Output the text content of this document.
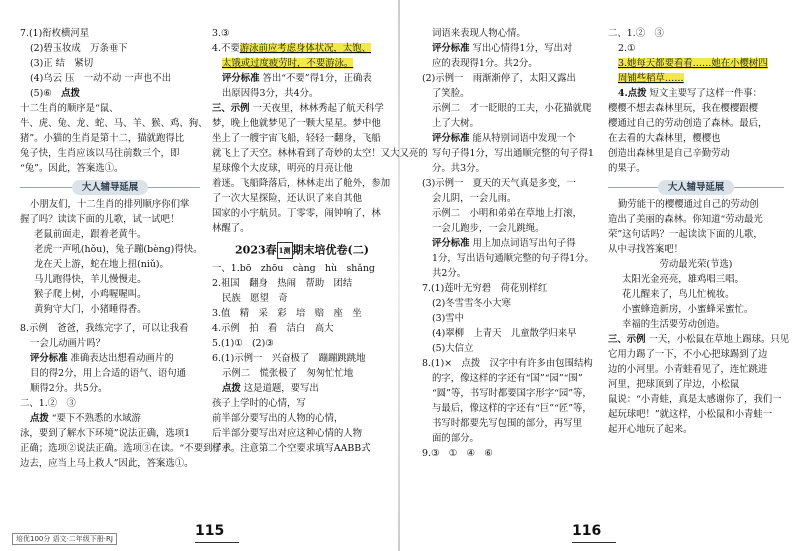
7.(1)衔枚横河星
(2)碧玉妆成　万条垂下
(3)正 结　紧切
(4)乌云 压　一动不动 一声也不出
(5)⑥　点拨
十二生肖的顺序是“鼠、
牛、虎、兔、龙、蛇、马、羊、猴、鸡、狗、
猪”。小猫的生肖是第十二，猫就跑得比
兔子快，生肖应该以马往前数三个，即
“兔”。因此，答案选①。
大人辅导延展
小朋友们，十二生肖的排列顺序你们掌
握了吗？读读下面的儿歌，试一试吧！
老鼠前面走，跟着老黄牛。
老虎一声吼(hǒu)，兔子蹦(bèng)得快。
龙在天上游，蛇在地上扭(niǔ)。
马儿跑得快，羊儿慢慢走。
猴子爬上树，小鸡喔喔叫。
黄狗守大门，小猪睡得香。
8.示例　爸爸，我练完字了，可以让我看
一会儿动画片吗？
评分标准 准确表达出想看动画片的
目的得2分，用上合适的语气、语句通
顺得2分。共5分。
二、1.②　③
点拨 “要下不熟悉的水域游
泳，要到了解水下环境”说法正确，选项1
正确；选项②说法正确。选项③在读。“不要到了水
边去，应当上马上救人”因此，答案选①。
3.③
4.不要游泳前应考虑身体状况，太饱、
太饿或过度疲劳时，不要游泳。
评分标准 答出“不要”得1分，正确表
出原因得3分，共4分。
三、示例 一天夜里，林林秀起了航天科学
梦，晚上他就梦见了一颗大星星。梦中他
坐上了一艘宇宙飞船，轻轻一翻身，飞船
就飞上了天空。林林看到了奇妙的太空！又大又亮的
星球像个大皮球，明亮的月亮让他
着迷。飞船降落后，林林走出了舱外，参加
了一次大星探险，还认识了来自其他
国家的小宇航员。丁零零，闹钟响了，林
林醒了。
2023春 1测 期末培优卷(二)
一、1.bō　zhōu　càng　hù　shǎng
2.祖国　翻身　热闹　帮助　团结
民族　愿望　奇
3.值　精　采　彩　培　赔　座　坐
4.示例　拍　看　洁白　高大
5.(1)①　(2)③
6.(1)示例一　兴奋极了　蹦蹦跳跳地
示例二　慌张极了　匆匆忙忙地
点拨 这是道题，要写出
孩子上学时的心情，写
前半部分要写出的人物的心情，
后半部分要写出对应这种心情的人物
样子。注意第二个空要求填写AABB式
115
培优100分 语文·二年级下册·RJ
词语来表现人物心情。
评分标准 写出心情得1分，写出对
应的表现得1分。共2分。
(2)示例一　雨渐渐停了，太阳又露出
了笑脸。
示例二　才一眨眼的工夫，小花猫就爬
上了大树。
评分标准 能从特别词语中发现一个
写句子得1分，写出通顺完整的句子得1
分。共3分。
(3)示例一　夏天的天气真是多变，一
会儿阴，一会儿雨。
示例二　小明和弟弟在草地上打滚，
一会儿跑步，一会儿跳绳。
评分标准 用上加点词语写出句子得
1分，写出语句通顺完整的句子得1分。
共2分。
7.(1)莲叶无穷碧　荷花别样红
(2)冬雪雪冬小大寒
(3)雪中
(4)翠柳　上青天　儿童散学归来早
(5)大信立
8.(1)×　点拨　汉字中有许多由包围结构
的字，像这样的字还有“国”“园”“围”
“圆”等，书写时都要国字形字“园”等，
与最后，像这样的字还有“巨”“匠”等，
书写时都要先写包围的部分，再写里
面的部分。
9.③　①　④　⑥
二、1.②　③
2.①
3.她每天都要看看……她在小樱树四
周铺些稻草……
4.点拨 短文主要写了这样一件事：
樱樱不想去森林里玩，我在樱樱跟樱
樱通过自己的劳动创造了森林。最后，
在去看的大森林里，樱樱也
创造出森林里是自己辛勤劳动
的果子。
大人辅导延展
勤劳能干的樱樱通过自己的劳动创
造出了美丽的森林。你知道“劳动最光
荣”这句话吗？一起读读下面的儿歌，
从中寻找答案吧！
劳动最光荣(节选)
太阳光金亮亮，雄鸡唱三唱。
花儿醒来了，鸟儿忙梳妆。
小蜜蜂造新房，小蜜蜂采蜜忙。
幸福的生活要劳动创造。
三、示例 一天，小松鼠在草地上踢球。只见
它用力踢了一下，不小心把球踢到了边
边的小河里。小青蛙看见了，连忙跳进
河里，把球顶到了岸边，小松鼠
鼠说：“小青蛙，真是太感谢你了，我们一
起玩球吧！”就这样，小松鼠和小青蛙一
起开心地玩了起来。
116
